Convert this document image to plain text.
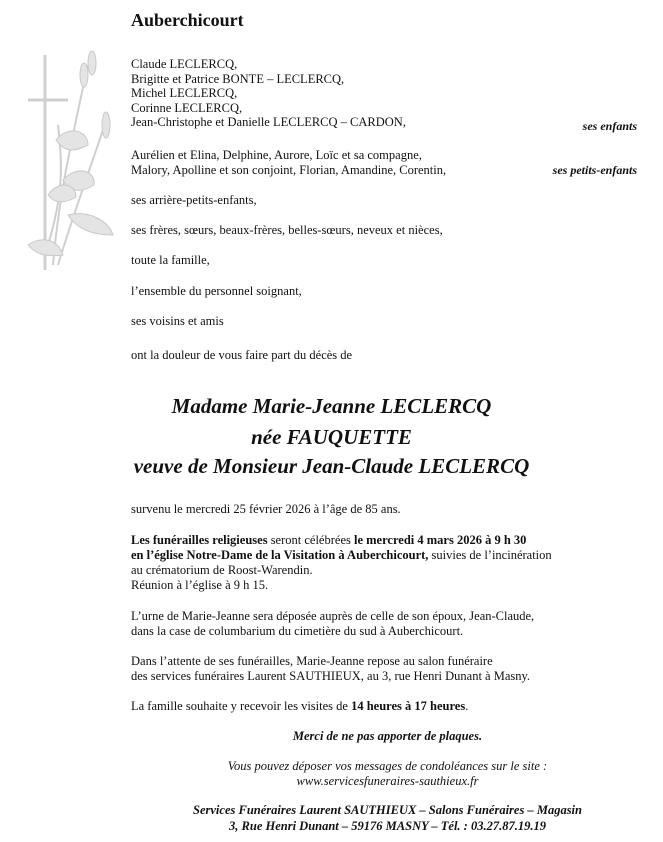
Auberchicourt
Claude LECLERCQ,
Brigitte et Patrice BONTE – LECLERCQ,
Michel LECLERCQ,
Corinne LECLERCQ,
Jean-Christophe et Danielle LECLERCQ – CARDON,	ses enfants
Aurélien et Elina, Delphine, Aurore, Loïc et sa compagne,
Malory, Apolline et son conjoint, Florian, Amandine, Corentin,	ses petits-enfants
ses arrière-petits-enfants,
ses frères, sœurs, beaux-frères, belles-sœurs, neveux et nièces,
toute la famille,
l’ensemble du personnel soignant,
ses voisins et amis
ont la douleur de vous faire part du décès de
Madame Marie-Jeanne LECLERCQ
née FAUQUETTE
veuve de Monsieur Jean-Claude LECLERCQ
survenu le mercredi 25 février 2026 à l’âge de 85 ans.
Les funérailles religieuses seront célébrées le mercredi 4 mars 2026 à 9 h 30
en l’église Notre-Dame de la Visitation à Auberchicourt, suivies de l’incinération
au crématorium de Roost-Warendin.
Réunion à l’église à 9 h 15.
L’urne de Marie-Jeanne sera déposée auprès de celle de son époux, Jean-Claude,
dans la case de columbarium du cimetière du sud à Auberchicourt.
Dans l’attente de ses funérailles, Marie-Jeanne repose au salon funéraire
des services funéraires Laurent SAUTHIEUX, au 3, rue Henri Dunant à Masny.
La famille souhaite y recevoir les visites de 14 heures à 17 heures.
Merci de ne pas apporter de plaques.
Vous pouvez déposer vos messages de condoléances sur le site :
www.servicesfuneraires-sauthieux.fr
Services Funéraires Laurent SAUTHIEUX – Salons Funéraires – Magasin
3, Rue Henri Dunant – 59176 MASNY – Tél. : 03.27.87.19.19
